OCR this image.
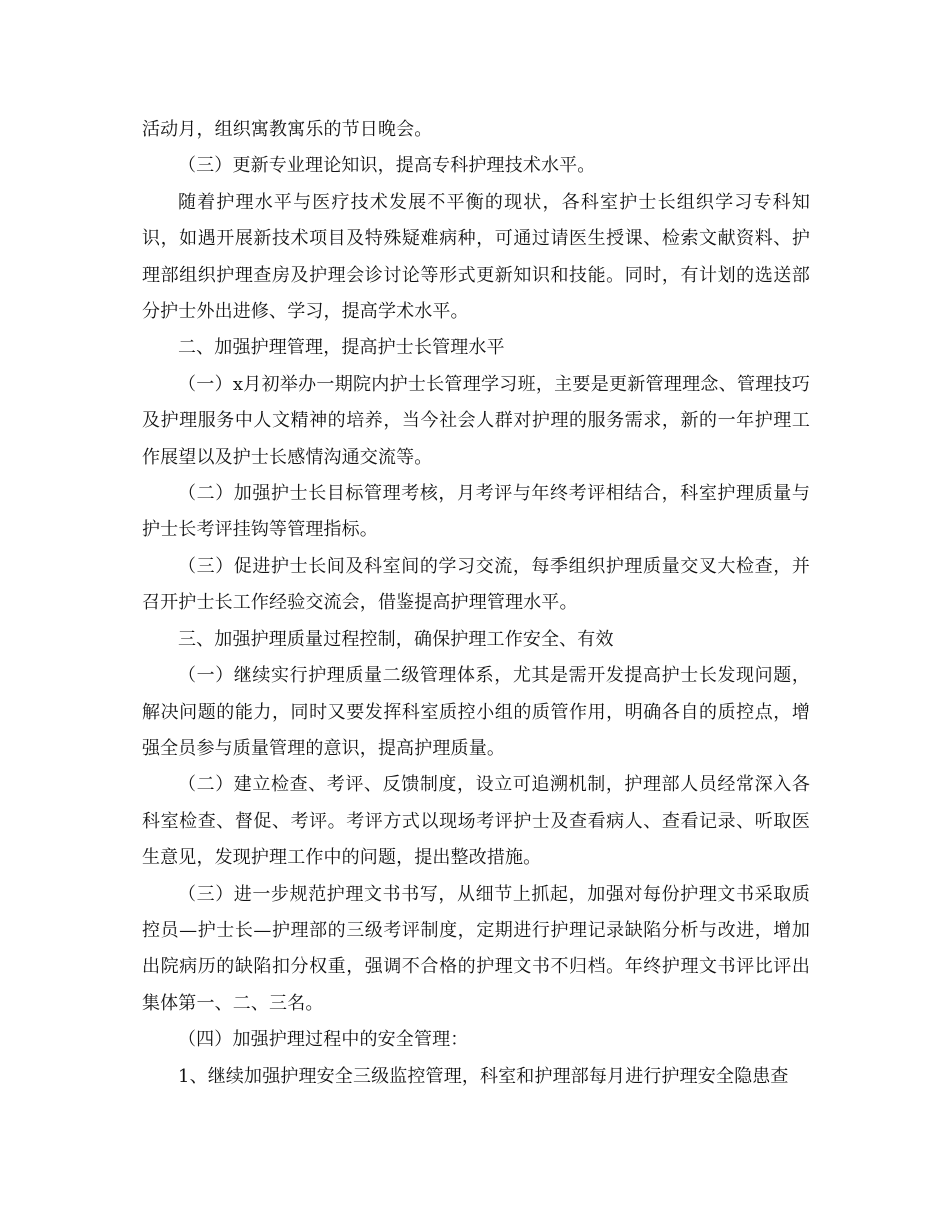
活动月，组织寓教寓乐的节日晚会。

（三）更新专业理论知识，提高专科护理技术水平。

随着护理水平与医疗技术发展不平衡的现状，各科室护士长组织学习专科知识，如遇开展新技术项目及特殊疑难病种，可通过请医生授课、检索文献资料、护理部组织护理查房及护理会诊讨论等形式更新知识和技能。同时，有计划的选送部分护士外出进修、学习，提高学术水平。

二、加强护理管理，提高护士长管理水平

（一）x月初举办一期院内护士长管理学习班，主要是更新管理理念、管理技巧及护理服务中人文精神的培养，当今社会人群对护理的服务需求，新的一年护理工作展望以及护士长感情沟通交流等。

（二）加强护士长目标管理考核，月考评与年终考评相结合，科室护理质量与护士长考评挂钩等管理指标。

（三）促进护士长间及科室间的学习交流，每季组织护理质量交叉大检查，并召开护士长工作经验交流会，借鉴提高护理管理水平。

三、加强护理质量过程控制，确保护理工作安全、有效

（一）继续实行护理质量二级管理体系，尤其是需开发提高护士长发现问题，解决问题的能力，同时又要发挥科室质控小组的质管作用，明确各自的质控点，增强全员参与质量管理的意识，提高护理质量。

（二）建立检查、考评、反馈制度，设立可追溯机制，护理部人员经常深入各科室检查、督促、考评。考评方式以现场考评护士及查看病人、查看记录、听取医生意见，发现护理工作中的问题，提出整改措施。

（三）进一步规范护理文书书写，从细节上抓起，加强对每份护理文书采取质控员—护士长—护理部的三级考评制度，定期进行护理记录缺陷分析与改进，增加出院病历的缺陷扣分权重，强调不合格的护理文书不归档。年终护理文书评比评出集体第一、二、三名。

（四）加强护理过程中的安全管理：

1、继续加强护理安全三级监控管理，科室和护理部每月进行护理安全隐患查
